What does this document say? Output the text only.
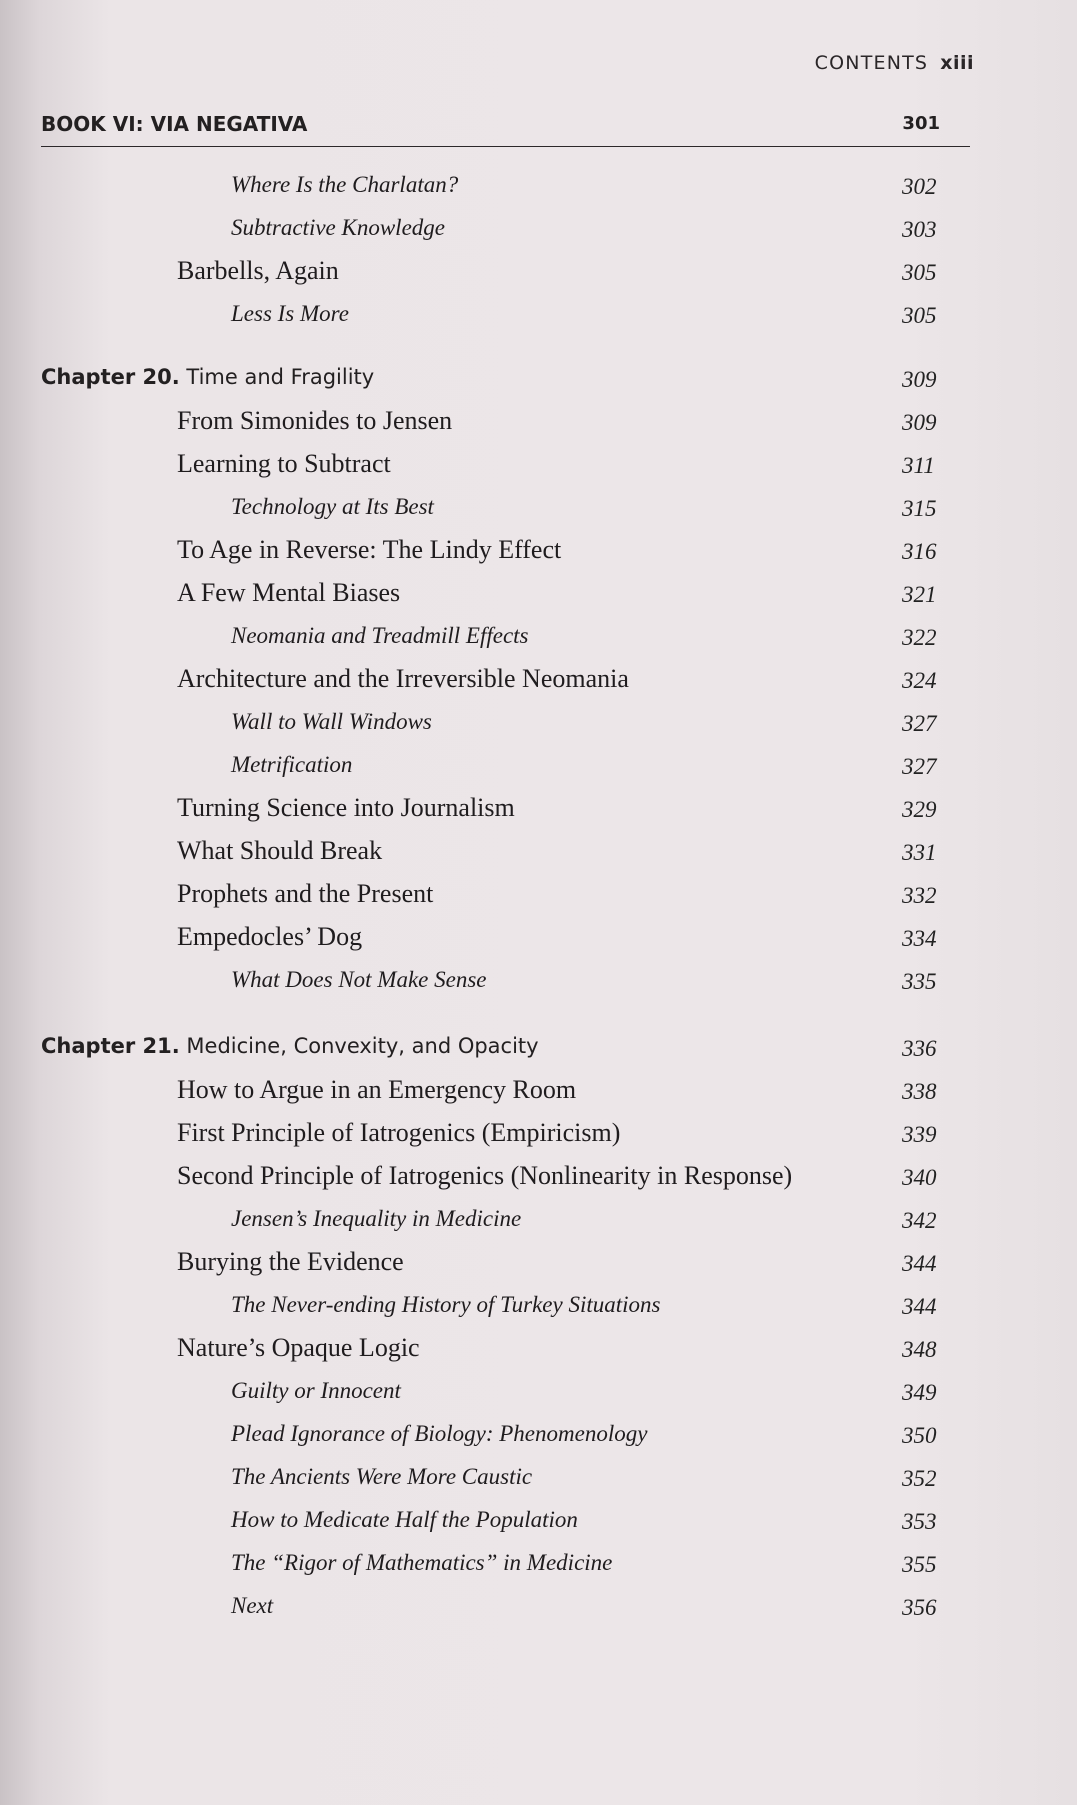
CONTENTS xiii
BOOK VI: VIA NEGATIVA	301
Where Is the Charlatan?	302
Subtractive Knowledge	303
Barbells, Again	305
Less Is More	305
Chapter 20. Time and Fragility	309
From Simonides to Jensen	309
Learning to Subtract	311
Technology at Its Best	315
To Age in Reverse: The Lindy Effect	316
A Few Mental Biases	321
Neomania and Treadmill Effects	322
Architecture and the Irreversible Neomania	324
Wall to Wall Windows	327
Metrification	327
Turning Science into Journalism	329
What Should Break	331
Prophets and the Present	332
Empedocles’ Dog	334
What Does Not Make Sense	335
Chapter 21. Medicine, Convexity, and Opacity	336
How to Argue in an Emergency Room	338
First Principle of Iatrogenics (Empiricism)	339
Second Principle of Iatrogenics (Nonlinearity in Response)	340
Jensen’s Inequality in Medicine	342
Burying the Evidence	344
The Never-ending History of Turkey Situations	344
Nature’s Opaque Logic	348
Guilty or Innocent	349
Plead Ignorance of Biology: Phenomenology	350
The Ancients Were More Caustic	352
How to Medicate Half the Population	353
The “Rigor of Mathematics” in Medicine	355
Next	356
